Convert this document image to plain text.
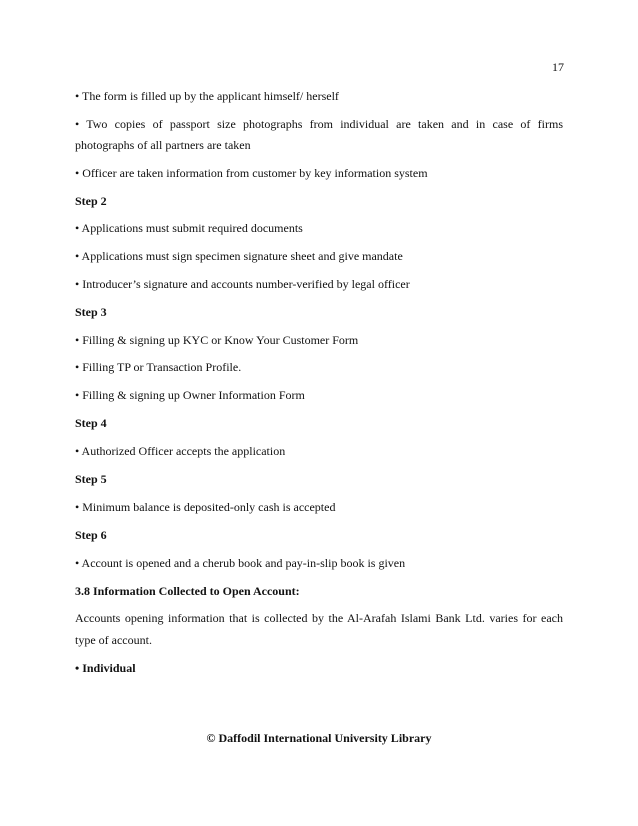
17
• The form is filled up by the applicant himself/ herself
• Two copies of passport size photographs from individual are taken and in case of firms
photographs of all partners are taken
• Officer are taken information from customer by key information system
Step 2
• Applications must submit required documents
• Applications must sign specimen signature sheet and give mandate
• Introducer’s signature and accounts number-verified by legal officer
Step 3
• Filling & signing up KYC or Know Your Customer Form
• Filling TP or Transaction Profile.
• Filling & signing up Owner Information Form
Step 4
• Authorized Officer accepts the application
Step 5
• Minimum balance is deposited-only cash is accepted
Step 6
• Account is opened and a cherub book and pay-in-slip book is given
3.8 Information Collected to Open Account:
Accounts opening information that is collected by the Al-Arafah Islami Bank Ltd. varies for each
type of account.
• Individual
© Daffodil International University Library
